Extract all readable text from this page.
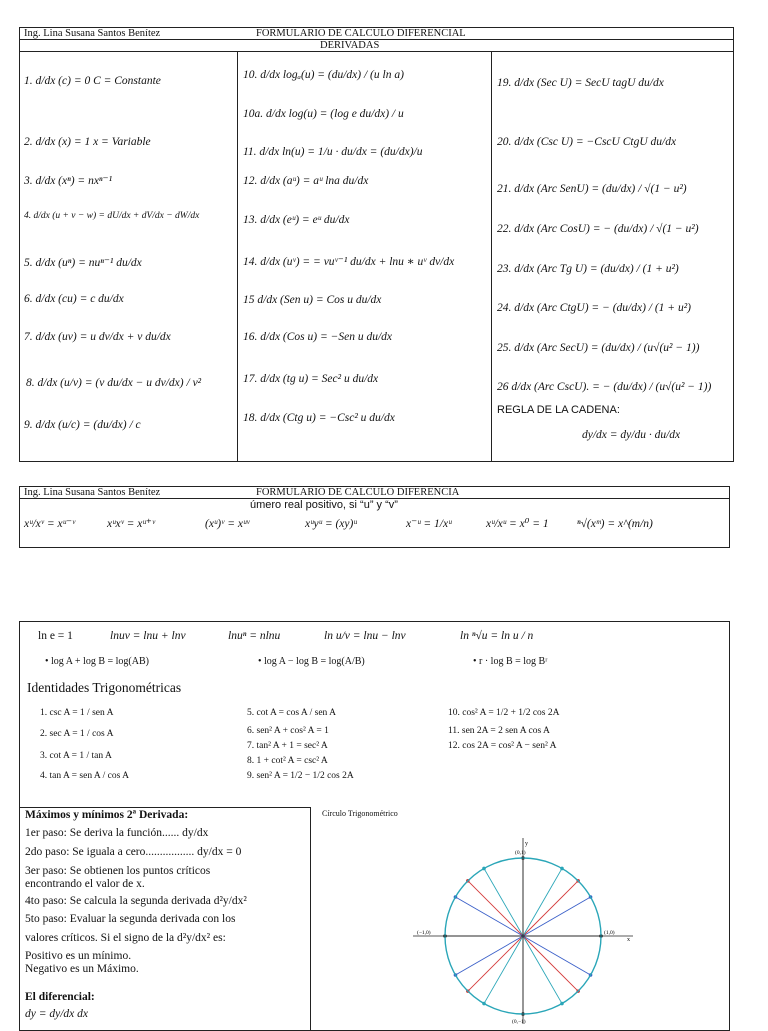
Ing. Lina Susana Santos Benítez	FORMULARIO DE CALCULO DIFERENCIAL
DERIVADAS
1. d/dx (c) = 0 C = Constante
2. d/dx (x) = 1 x = Variable
3. d/dx (xⁿ) = nxⁿ⁻¹
4. d/dx (u + v − w) = dU/dx + dV/dx − dW/dx
5. d/dx (uⁿ) = nuⁿ⁻¹ du/dx
6. d/dx (cu) = c du/dx
7. d/dx (uv) = u dv/dx + v du/dx
8. d/dx (u/v) = (v du/dx − u dv/dx) / v²
9. d/dx (u/c) = (du/dx) / c
10. d/dx logₐ(u) = (du/dx) / (u ln a)
10a. d/dx log(u) = (log e du/dx) / u
11. d/dx ln(u) = 1/u · du/dx = (du/dx)/u
12. d/dx (aᵘ) = aᵘ lna du/dx
13. d/dx (eᵘ) = eᵘ du/dx
14. d/dx (uᵛ) = = vuᵛ⁻¹ du/dx + lnu ∗ uᵛ dv/dx
15 d/dx (Sen u) = Cos u du/dx
16. d/dx (Cos u) = −Sen u du/dx
17. d/dx (tg u) = Sec² u du/dx
18. d/dx (Ctg u) = −Csc² u du/dx
19. d/dx (Sec U) = SecU tagU du/dx
20. d/dx (Csc U) = −CscU CtgU du/dx
21. d/dx (Arc SenU) = (du/dx) / √(1 − u²)
22. d/dx (Arc CosU) = − (du/dx) / √(1 − u²)
23. d/dx (Arc Tg U) = (du/dx) / (1 + u²)
24. d/dx (Arc CtgU) = − (du/dx) / (1 + u²)
25. d/dx (Arc SecU) = (du/dx) / (u√(u² − 1))
26 d/dx (Arc CscU). = − (du/dx) / (u√(u² − 1))
REGLA DE LA CADENA:
dy/dx = dy/du · du/dx
Ing. Lina Susana Santos Benítez	FORMULARIO DE CALCULO DIFERENCIA
úmero real positivo, si “u” y “v”
xᵘ/xᵛ = xᵘ⁻ᵛ	xᵘxᵛ = xᵘ⁺ᵛ	(xᵘ)ᵛ = xᵘᵛ	xᵘyᵘ = (xy)ᵘ	x⁻ᵘ = 1/xᵘ	xᵘ/xᵘ = x⁰ = 1 ⁿ√(xᵐ) = x^(m/n)
ln e = 1	lnuv = lnu + lnv	lnuⁿ = nlnu	ln u/v = lnu − lnv	ln ⁿ√u = ln u / n
• log A + log B = log(AB)	• log A − log B = log(A/B)	• r · log B = log Bʳ
Identidades Trigonométricas
1. csc A = 1 / sen A
2. sec A = 1 / cos A
3. cot A = 1 / tan A
4. tan A = sen A / cos A
5. cot A = cos A / sen A
6. sen² A + cos² A = 1
7. tan² A + 1 = sec² A
8. 1 + cot² A = csc² A
9. sen² A = 1/2 − 1/2 cos 2A
10. cos² A = 1/2 + 1/2 cos 2A
11. sen 2A = 2 sen A cos A
12. cos 2A = cos² A − sen² A
Máximos y mínimos 2ª Derivada:
1er paso: Se deriva la función...... dy/dx
2do paso: Se iguala a cero................. dy/dx = 0
3er paso: Se obtienen los puntos críticos
encontrando el valor de x.
4to paso: Se calcula la segunda derivada d²y/dx²
5to paso: Evaluar la segunda derivada con los
valores críticos. Si el signo de la d²y/dx² es:
Positivo es un mínimo.
Negativo es un Máximo.
El diferencial:
dy = dy/dx dx
Círculo Trigonométrico
y
(0,1)
(1,0)
x
(−1,0)
(0,−1)
